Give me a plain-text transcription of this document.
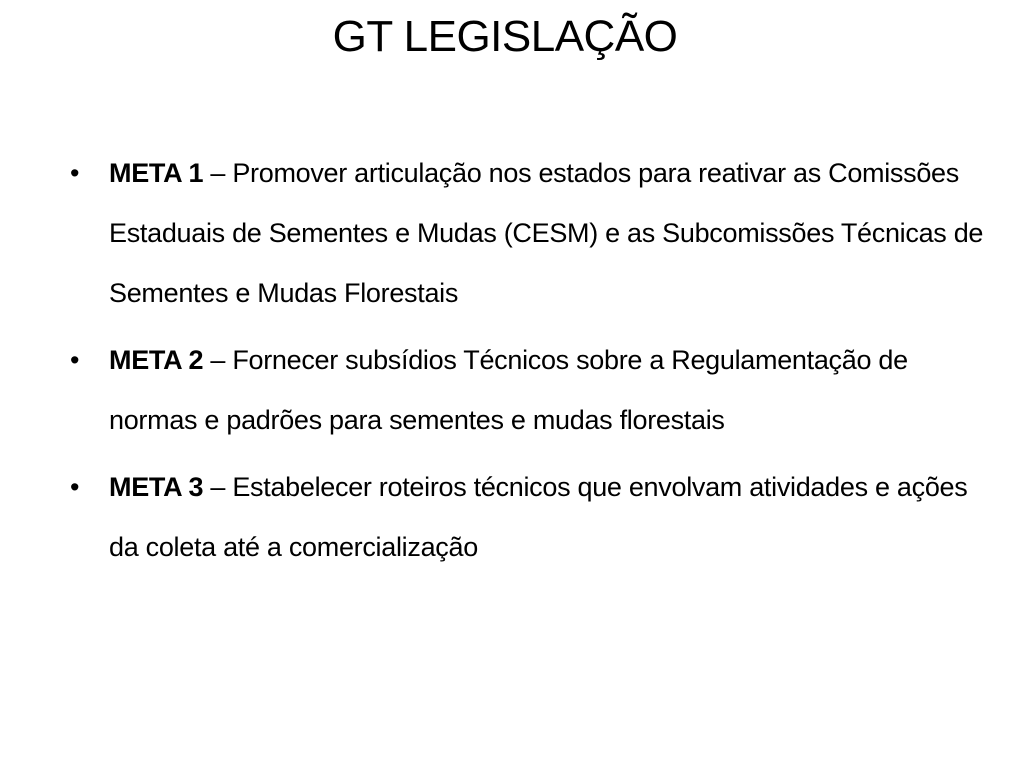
GT LEGISLAÇÃO
• META 1 – Promover articulação nos estados para reativar as Comissões Estaduais de Sementes e Mudas (CESM) e as Subcomissões Técnicas de Sementes e Mudas Florestais
• META 2 – Fornecer subsídios Técnicos sobre a Regulamentação de normas e padrões para sementes e mudas florestais
• META 3 – Estabelecer roteiros técnicos que envolvam atividades e ações da coleta até a comercialização
